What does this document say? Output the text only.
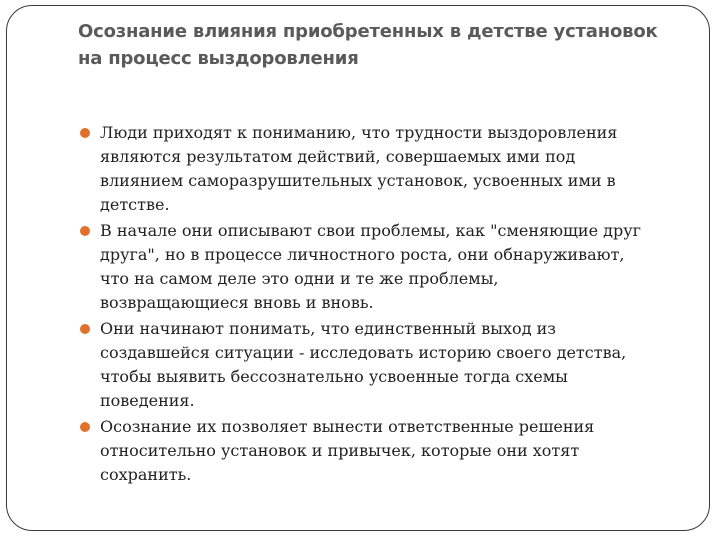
Осознание влияния приобретенных в детстве установок
на процесс выздоровления
Люди приходят к пониманию, что трудности выздоровления
являются результатом действий, совершаемых ими под
влиянием саморазрушительных установок, усвоенных ими в
детстве.
В начале они описывают свои проблемы, как "сменяющие друг
друга", но в процессе личностного роста, они обнаруживают,
что на самом деле это одни и те же проблемы,
возвращающиеся вновь и вновь.
Они начинают понимать, что единственный выход из
создавшейся ситуации - исследовать историю своего детства,
чтобы выявить бессознательно усвоенные тогда схемы
поведения.
Осознание их позволяет вынести ответственные решения
относительно установок и привычек, которые они хотят
сохранить.
